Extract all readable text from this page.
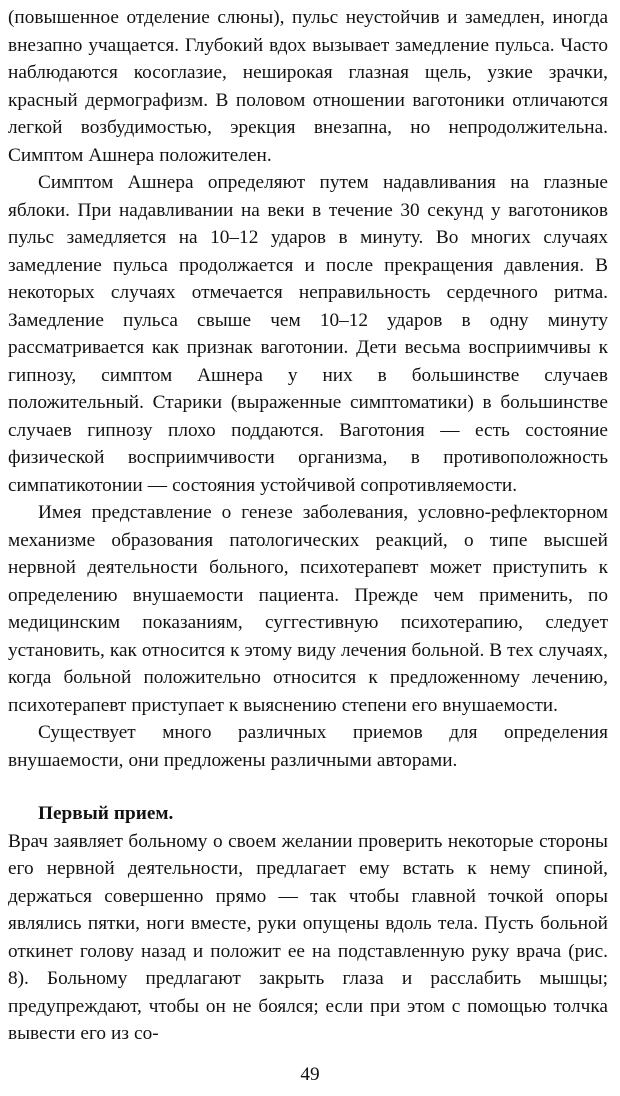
(повышенное отделение слюны), пульс неустойчив и замедлен, иногда внезапно учащается. Глубокий вдох вызывает замедление пульса. Часто наблюдаются косоглазие, неширокая глазная щель, узкие зрачки, красный дермографизм. В половом отношении ваготоники отличаются легкой возбудимостью, эрекция внезапна, но непродолжительна. Симптом Ашнера положителен.

Симптом Ашнера определяют путем надавливания на глазные яблоки. При надавливании на веки в течение 30 секунд у ваготоников пульс замедляется на 10–12 ударов в минуту. Во многих случаях замедление пульса продолжается и после прекращения давления. В некоторых случаях отмечается неправильность сердечного ритма. Замедление пульса свыше чем 10–12 ударов в одну минуту рассматривается как признак ваготонии. Дети весьма восприимчивы к гипнозу, симптом Ашнера у них в большинстве случаев положительный. Старики (выраженные симптоматики) в большинстве случаев гипнозу плохо поддаются. Ваготония — есть состояние физической восприимчивости организма, в противоположность симпатикотонии — состояния устойчивой сопротивляемости.

Имея представление о генезе заболевания, условно-рефлекторном механизме образования патологических реакций, о типе высшей нервной деятельности больного, психотерапевт может приступить к определению внушаемости пациента. Прежде чем применить, по медицинским показаниям, суггестивную психотерапию, следует установить, как относится к этому виду лечения больной. В тех случаях, когда больной положительно относится к предложенному лечению, психотерапевт приступает к выяснению степени его внушаемости.

Существует много различных приемов для определения внушаемости, они предложены различными авторами.

Первый прием.

Врач заявляет больному о своем желании проверить некоторые стороны его нервной деятельности, предлагает ему встать к нему спиной, держаться совершенно прямо — так чтобы главной точкой опоры являлись пятки, ноги вместе, руки опущены вдоль тела. Пусть больной откинет голову назад и положит ее на подставленную руку врача (рис. 8). Больному предлагают закрыть глаза и расслабить мышцы; предупреждают, чтобы он не боялся; если при этом с помощью толчка вывести его из со-

49
